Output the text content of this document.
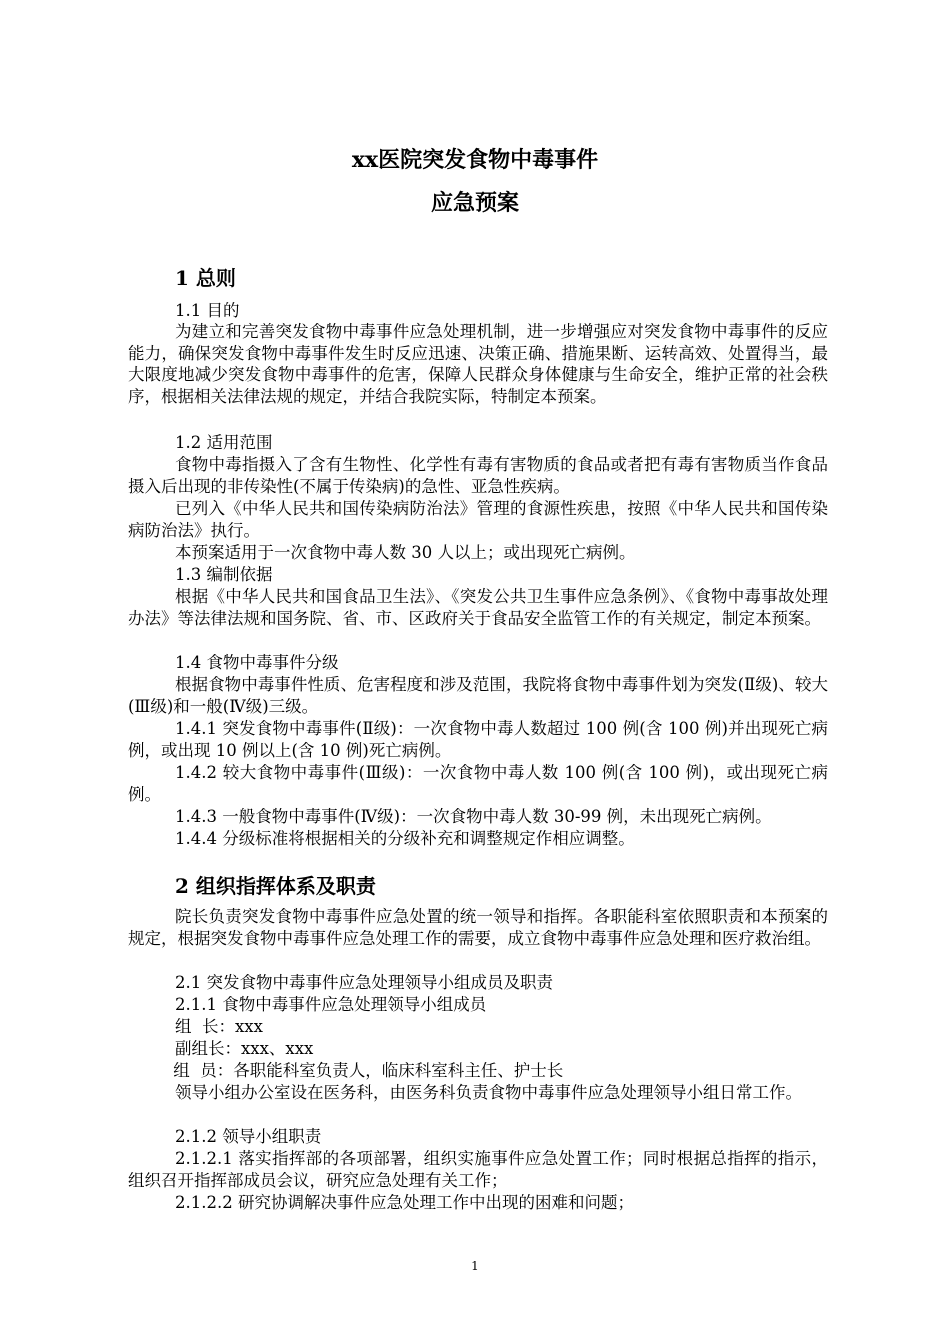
xx医院突发食物中毒事件
应急预案
1 总则
1.1 目的
为建立和完善突发食物中毒事件应急处理机制，进一步增强应对突发食物中毒事件的反应能力，确保突发食物中毒事件发生时反应迅速、决策正确、措施果断、运转高效、处置得当，最大限度地减少突发食物中毒事件的危害，保障人民群众身体健康与生命安全，维护正常的社会秩序，根据相关法律法规的规定，并结合我院实际，特制定本预案。
1.2 适用范围
食物中毒指摄入了含有生物性、化学性有毒有害物质的食品或者把有毒有害物质当作食品摄入后出现的非传染性(不属于传染病)的急性、亚急性疾病。
已列入《中华人民共和国传染病防治法》管理的食源性疾患，按照《中华人民共和国传染病防治法》执行。
本预案适用于一次食物中毒人数 30 人以上；或出现死亡病例。
1.3 编制依据
根据《中华人民共和国食品卫生法》、《突发公共卫生事件应急条例》、《食物中毒事故处理办法》等法律法规和国务院、省、市、区政府关于食品安全监管工作的有关规定，制定本预案。
1.4 食物中毒事件分级
根据食物中毒事件性质、危害程度和涉及范围，我院将食物中毒事件划为突发(Ⅱ级)、较大(Ⅲ级)和一般(Ⅳ级)三级。
1.4.1 突发食物中毒事件(Ⅱ级)：一次食物中毒人数超过 100 例(含 100 例)并出现死亡病例，或出现 10 例以上(含 10 例)死亡病例。
1.4.2 较大食物中毒事件(Ⅲ级)：一次食物中毒人数 100 例(含 100 例)，或出现死亡病例。
1.4.3 一般食物中毒事件(Ⅳ级)：一次食物中毒人数 30-99 例，未出现死亡病例。
1.4.4 分级标准将根据相关的分级补充和调整规定作相应调整。
2 组织指挥体系及职责
院长负责突发食物中毒事件应急处置的统一领导和指挥。各职能科室依照职责和本预案的规定，根据突发食物中毒事件应急处理工作的需要，成立食物中毒事件应急处理和医疗救治组。
2.1 突发食物中毒事件应急处理领导小组成员及职责
2.1.1 食物中毒事件应急处理领导小组成员
组  长：xxx
副组长：xxx、xxx
组  员：各职能科室负责人，临床科室科主任、护士长
领导小组办公室设在医务科，由医务科负责食物中毒事件应急处理领导小组日常工作。
2.1.2 领导小组职责
2.1.2.1 落实指挥部的各项部署，组织实施事件应急处置工作；同时根据总指挥的指示，组织召开指挥部成员会议，研究应急处理有关工作；
2.1.2.2 研究协调解决事件应急处理工作中出现的困难和问题；
1
